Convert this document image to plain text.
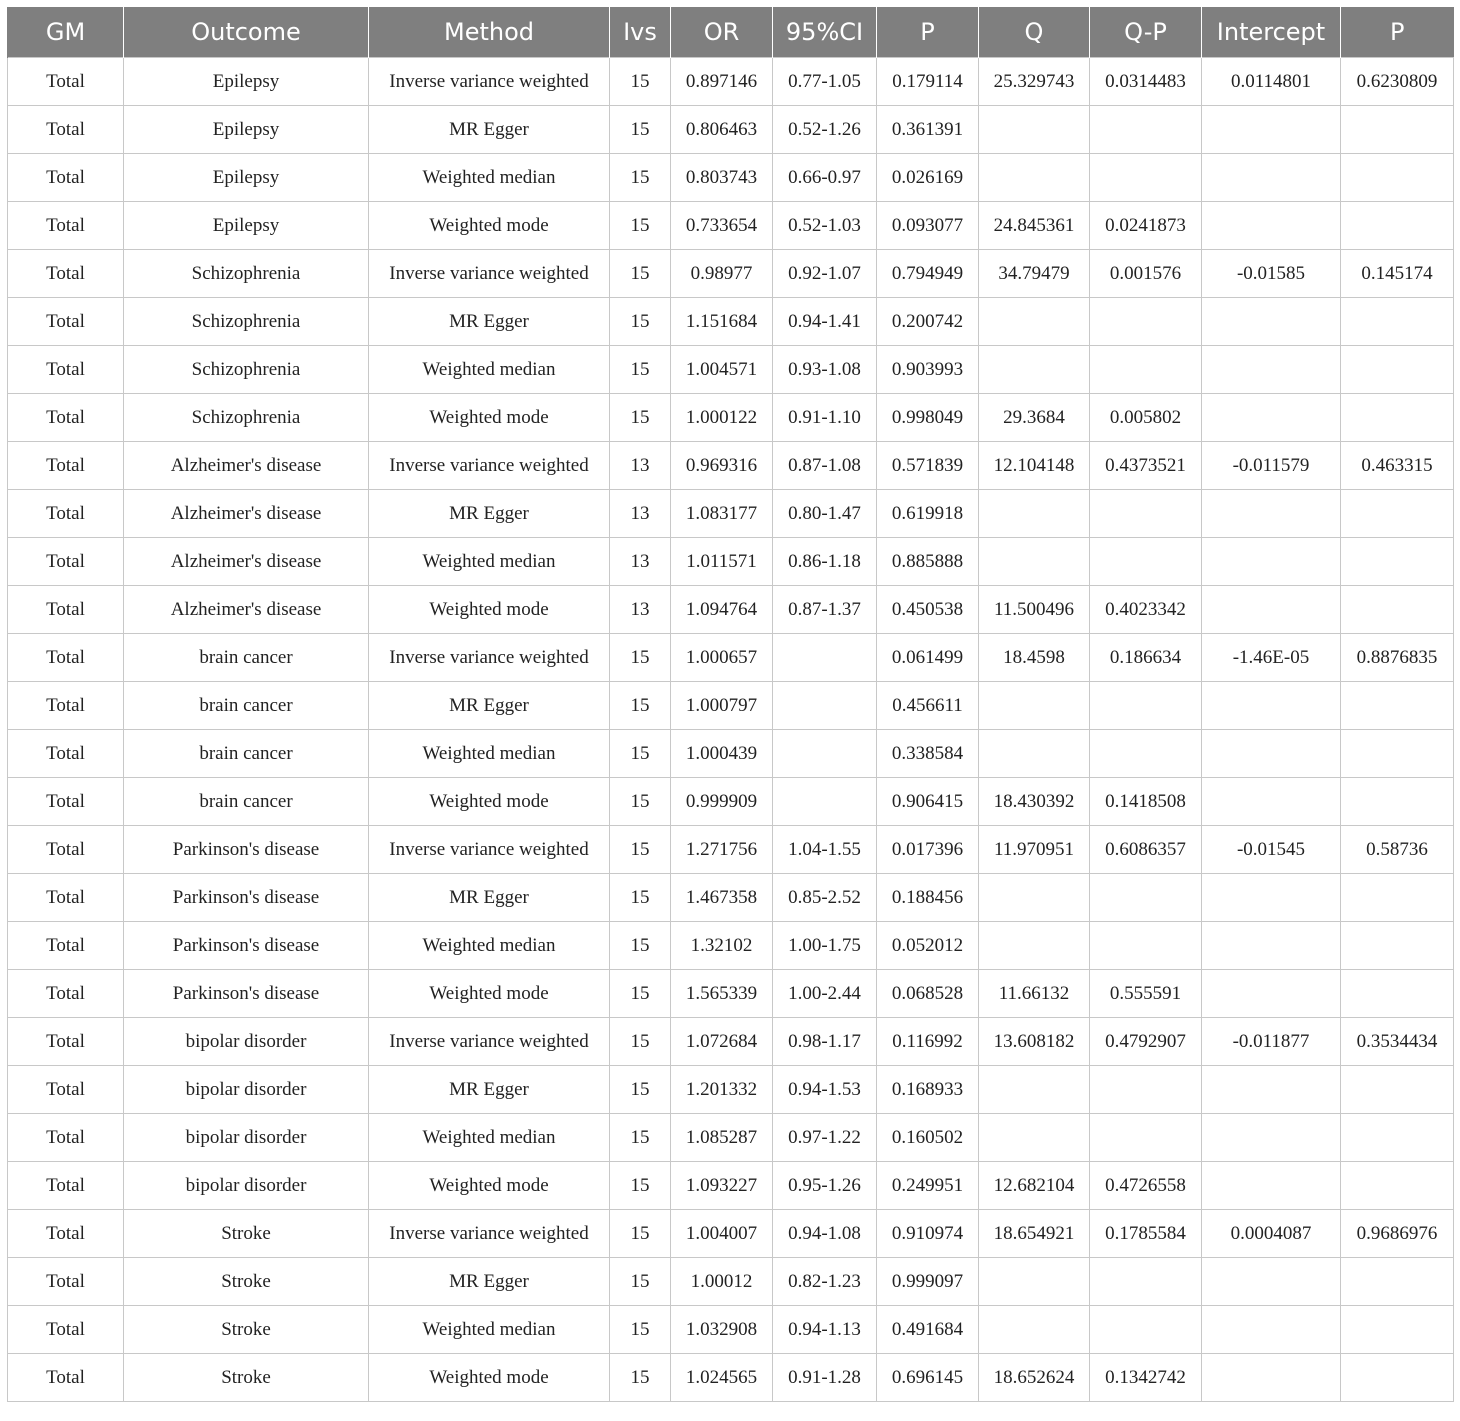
GM	Outcome	Method	Ivs	OR	95%CI	P	Q	Q-P	Intercept	P
Total	Epilepsy	Inverse variance weighted	15	0.897146	0.77-1.05	0.179114	25.329743	0.0314483	0.0114801	0.6230809
Total	Epilepsy	MR Egger	15	0.806463	0.52-1.26	0.361391				
Total	Epilepsy	Weighted median	15	0.803743	0.66-0.97	0.026169				
Total	Epilepsy	Weighted mode	15	0.733654	0.52-1.03	0.093077	24.845361	0.0241873		
Total	Schizophrenia	Inverse variance weighted	15	0.98977	0.92-1.07	0.794949	34.79479	0.001576	-0.01585	0.145174
Total	Schizophrenia	MR Egger	15	1.151684	0.94-1.41	0.200742				
Total	Schizophrenia	Weighted median	15	1.004571	0.93-1.08	0.903993				
Total	Schizophrenia	Weighted mode	15	1.000122	0.91-1.10	0.998049	29.3684	0.005802		
Total	Alzheimer's disease	Inverse variance weighted	13	0.969316	0.87-1.08	0.571839	12.104148	0.4373521	-0.011579	0.463315
Total	Alzheimer's disease	MR Egger	13	1.083177	0.80-1.47	0.619918				
Total	Alzheimer's disease	Weighted median	13	1.011571	0.86-1.18	0.885888				
Total	Alzheimer's disease	Weighted mode	13	1.094764	0.87-1.37	0.450538	11.500496	0.4023342		
Total	brain cancer	Inverse variance weighted	15	1.000657		0.061499	18.4598	0.186634	-1.46E-05	0.8876835
Total	brain cancer	MR Egger	15	1.000797		0.456611				
Total	brain cancer	Weighted median	15	1.000439		0.338584				
Total	brain cancer	Weighted mode	15	0.999909		0.906415	18.430392	0.1418508		
Total	Parkinson's disease	Inverse variance weighted	15	1.271756	1.04-1.55	0.017396	11.970951	0.6086357	-0.01545	0.58736
Total	Parkinson's disease	MR Egger	15	1.467358	0.85-2.52	0.188456				
Total	Parkinson's disease	Weighted median	15	1.32102	1.00-1.75	0.052012				
Total	Parkinson's disease	Weighted mode	15	1.565339	1.00-2.44	0.068528	11.66132	0.555591		
Total	bipolar disorder	Inverse variance weighted	15	1.072684	0.98-1.17	0.116992	13.608182	0.4792907	-0.011877	0.3534434
Total	bipolar disorder	MR Egger	15	1.201332	0.94-1.53	0.168933				
Total	bipolar disorder	Weighted median	15	1.085287	0.97-1.22	0.160502				
Total	bipolar disorder	Weighted mode	15	1.093227	0.95-1.26	0.249951	12.682104	0.4726558		
Total	Stroke	Inverse variance weighted	15	1.004007	0.94-1.08	0.910974	18.654921	0.1785584	0.0004087	0.9686976
Total	Stroke	MR Egger	15	1.00012	0.82-1.23	0.999097				
Total	Stroke	Weighted median	15	1.032908	0.94-1.13	0.491684				
Total	Stroke	Weighted mode	15	1.024565	0.91-1.28	0.696145	18.652624	0.1342742		
